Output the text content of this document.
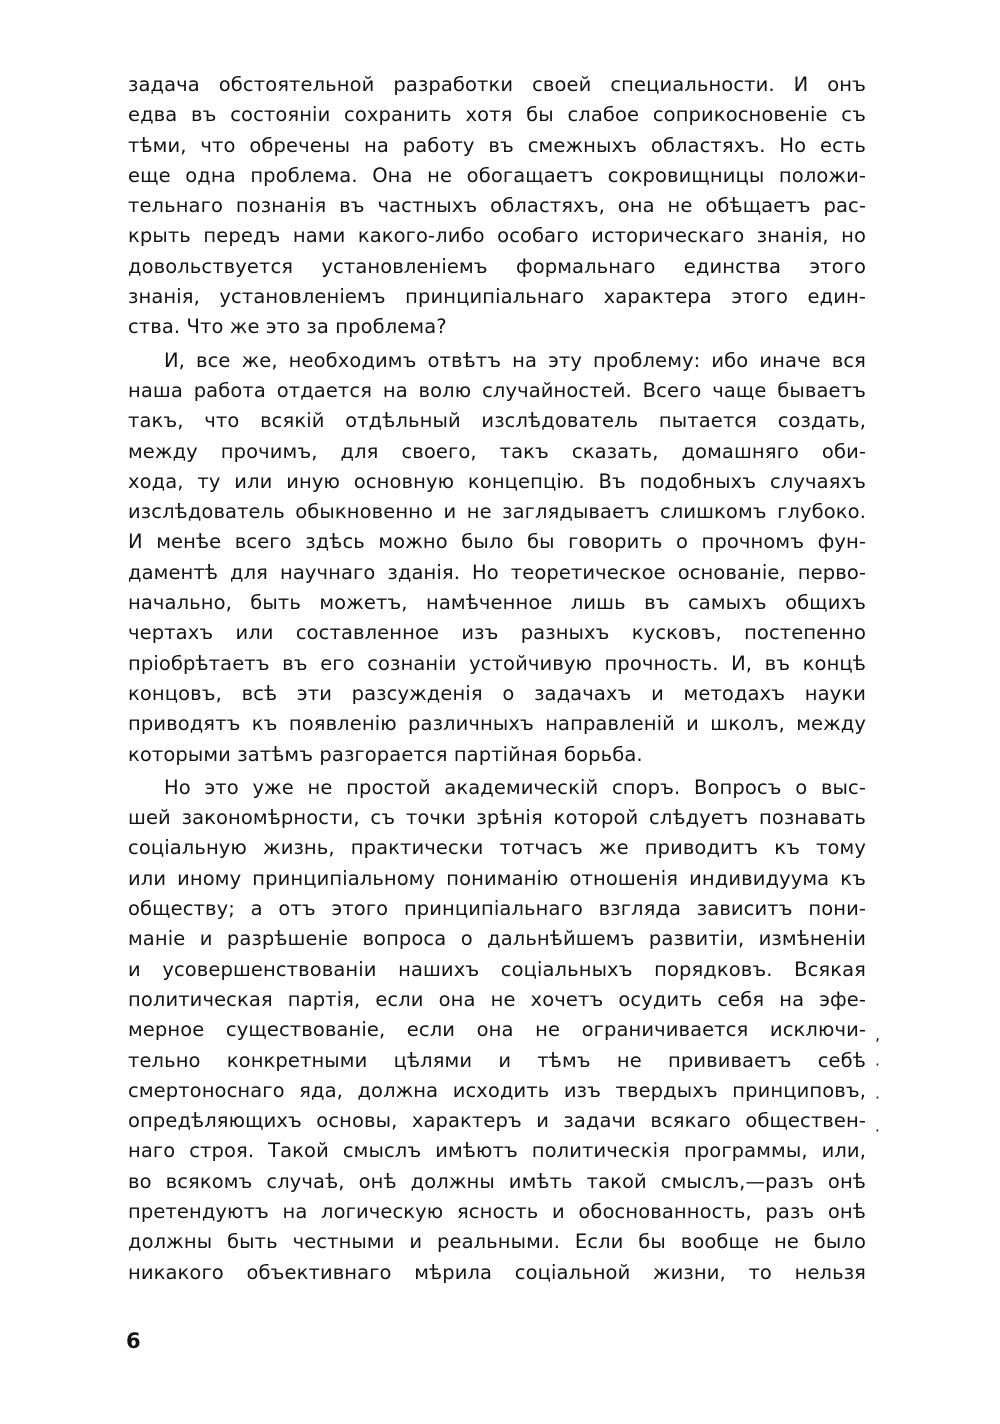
задача обстоятельной разработки своей специальности. И онъ
едва въ состоянiи сохранить хотя бы слабое соприкосновенiе съ
тѣми, что обречены на работу въ смежныхъ областяхъ. Но есть
еще одна проблема. Она не обогащаетъ сокровищницы положи-
тельнаго познанiя въ частныхъ областяхъ, она не обѣщаетъ рас-
крыть передъ нами какого-либо особаго историческаго знанiя, но
довольствуется установленiемъ формальнаго единства этого
знанiя, установленiемъ принципiальнаго характера этого един-
ства. Что же это за проблема?
И, все же, необходимъ отвѣтъ на эту проблему: ибо иначе вся
наша работа отдается на волю случайностей. Всего чаще бываетъ
такъ, что всякiй отдѣльный изслѣдователь пытается создать,
между прочимъ, для своего, такъ сказать, домашняго оби-
хода, ту или иную основную концепцiю. Въ подобныхъ случаяхъ
изслѣдователь обыкновенно и не заглядываетъ слишкомъ глубоко.
И менѣе всего здѣсь можно было бы говорить о прочномъ фун-
даментѣ для научнаго зданiя. Но теоретическое основанiе, перво-
начально, быть можетъ, намѣченное лишь въ самыхъ общихъ
чертахъ или составленное изъ разныхъ кусковъ, постепенно
прiобрѣтаетъ въ его сознанiи устойчивую прочность. И, въ концѣ
концовъ, всѣ эти разсужденiя о задачахъ и методахъ науки
приводятъ къ появленiю различныхъ направленiй и школъ, между
которыми затѣмъ разгорается партiйная борьба.
Но это уже не простой академическiй споръ. Вопросъ о выс-
шей закономѣрности, съ точки зрѣнiя которой слѣдуетъ познавать
соцiальную жизнь, практически тотчасъ же приводитъ къ тому
или иному принципiальному пониманiю отношенiя индивидуума къ
обществу; а отъ этого принципiальнаго взгляда зависитъ пони-
манiе и разрѣшенiе вопроса о дальнѣйшемъ развитiи, измѣненiи
и усовершенствованiи нашихъ соцiальныхъ порядковъ. Всякая
политическая партiя, если она не хочетъ осудить себя на эфе-
мерное существованiе, если она не ограничивается исключи-
тельно конкретными цѣлями и тѣмъ не прививаетъ себѣ
смертоноснаго яда, должна исходить изъ твердыхъ принциповъ,
опредѣляющихъ основы, характеръ и задачи всякаго обществен-
наго строя. Такой смыслъ имѣютъ политическiя программы, или,
во всякомъ случаѣ, онѣ должны имѣть такой смыслъ,—разъ онѣ
претендуютъ на логическую ясность и обоснованность, разъ онѣ
должны быть честными и реальными. Если бы вообще не было
никакого объективнаго мѣрила соцiальной жизни, то нельзя
‚
·
·
·
6
